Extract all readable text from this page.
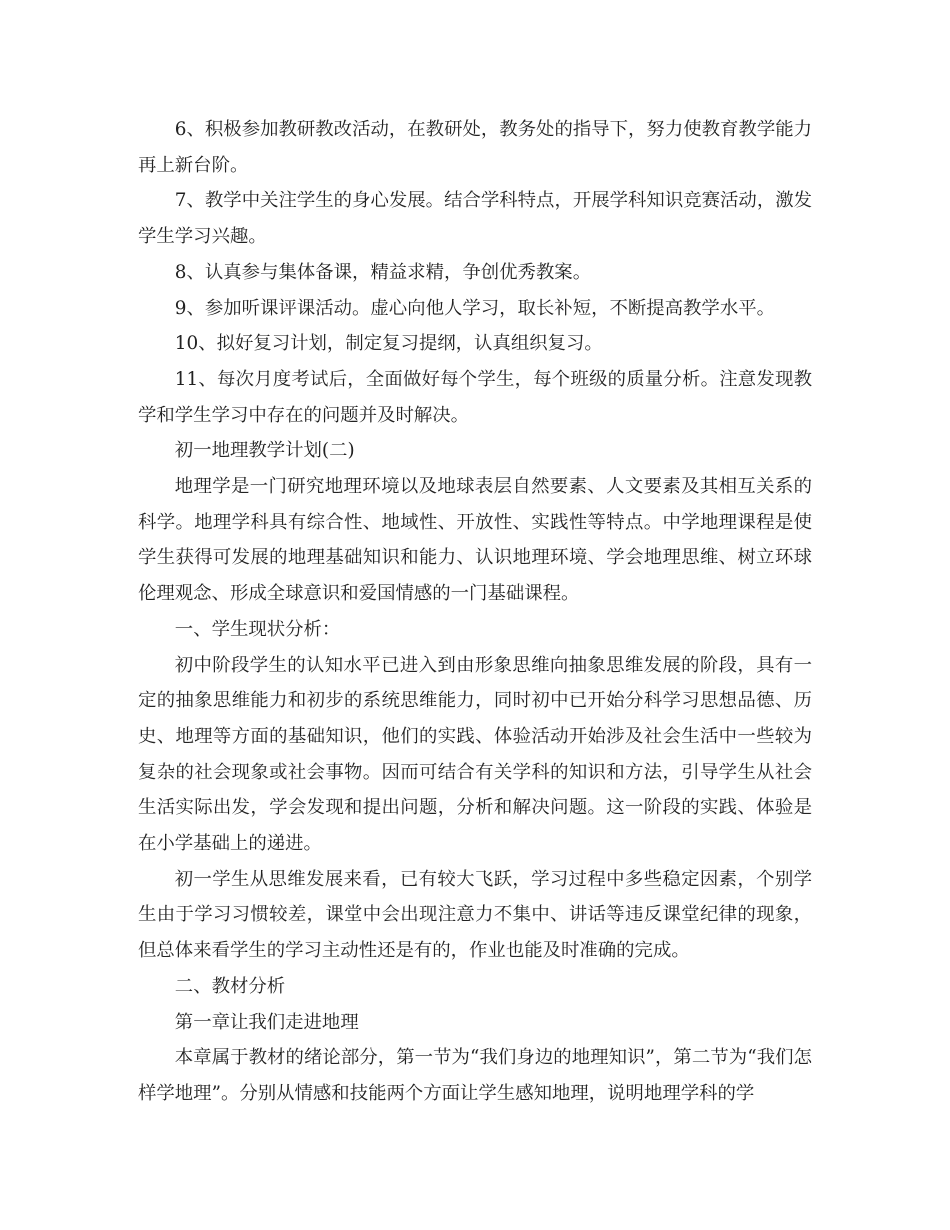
6、积极参加教研教改活动，在教研处，教务处的指导下，努力使教育教学能力再上新台阶。

7、教学中关注学生的身心发展。结合学科特点，开展学科知识竞赛活动，激发学生学习兴趣。

8、认真参与集体备课，精益求精，争创优秀教案。

9、参加听课评课活动。虚心向他人学习，取长补短，不断提高教学水平。

10、拟好复习计划，制定复习提纲，认真组织复习。

11、每次月度考试后，全面做好每个学生，每个班级的质量分析。注意发现教学和学生学习中存在的问题并及时解决。

初一地理教学计划(二)

地理学是一门研究地理环境以及地球表层自然要素、人文要素及其相互关系的科学。地理学科具有综合性、地域性、开放性、实践性等特点。中学地理课程是使学生获得可发展的地理基础知识和能力、认识地理环境、学会地理思维、树立环球伦理观念、形成全球意识和爱国情感的一门基础课程。

一、学生现状分析：

初中阶段学生的认知水平已进入到由形象思维向抽象思维发展的阶段，具有一定的抽象思维能力和初步的系统思维能力，同时初中已开始分科学习思想品德、历史、地理等方面的基础知识，他们的实践、体验活动开始涉及社会生活中一些较为复杂的社会现象或社会事物。因而可结合有关学科的知识和方法，引导学生从社会生活实际出发，学会发现和提出问题，分析和解决问题。这一阶段的实践、体验是在小学基础上的递进。

初一学生从思维发展来看，已有较大飞跃，学习过程中多些稳定因素，个别学生由于学习习惯较差，课堂中会出现注意力不集中、讲话等违反课堂纪律的现象，但总体来看学生的学习主动性还是有的，作业也能及时准确的完成。

二、教材分析

第一章让我们走进地理

本章属于教材的绪论部分，第一节为“我们身边的地理知识”，第二节为“我们怎样学地理”。分别从情感和技能两个方面让学生感知地理，说明地理学科的学
